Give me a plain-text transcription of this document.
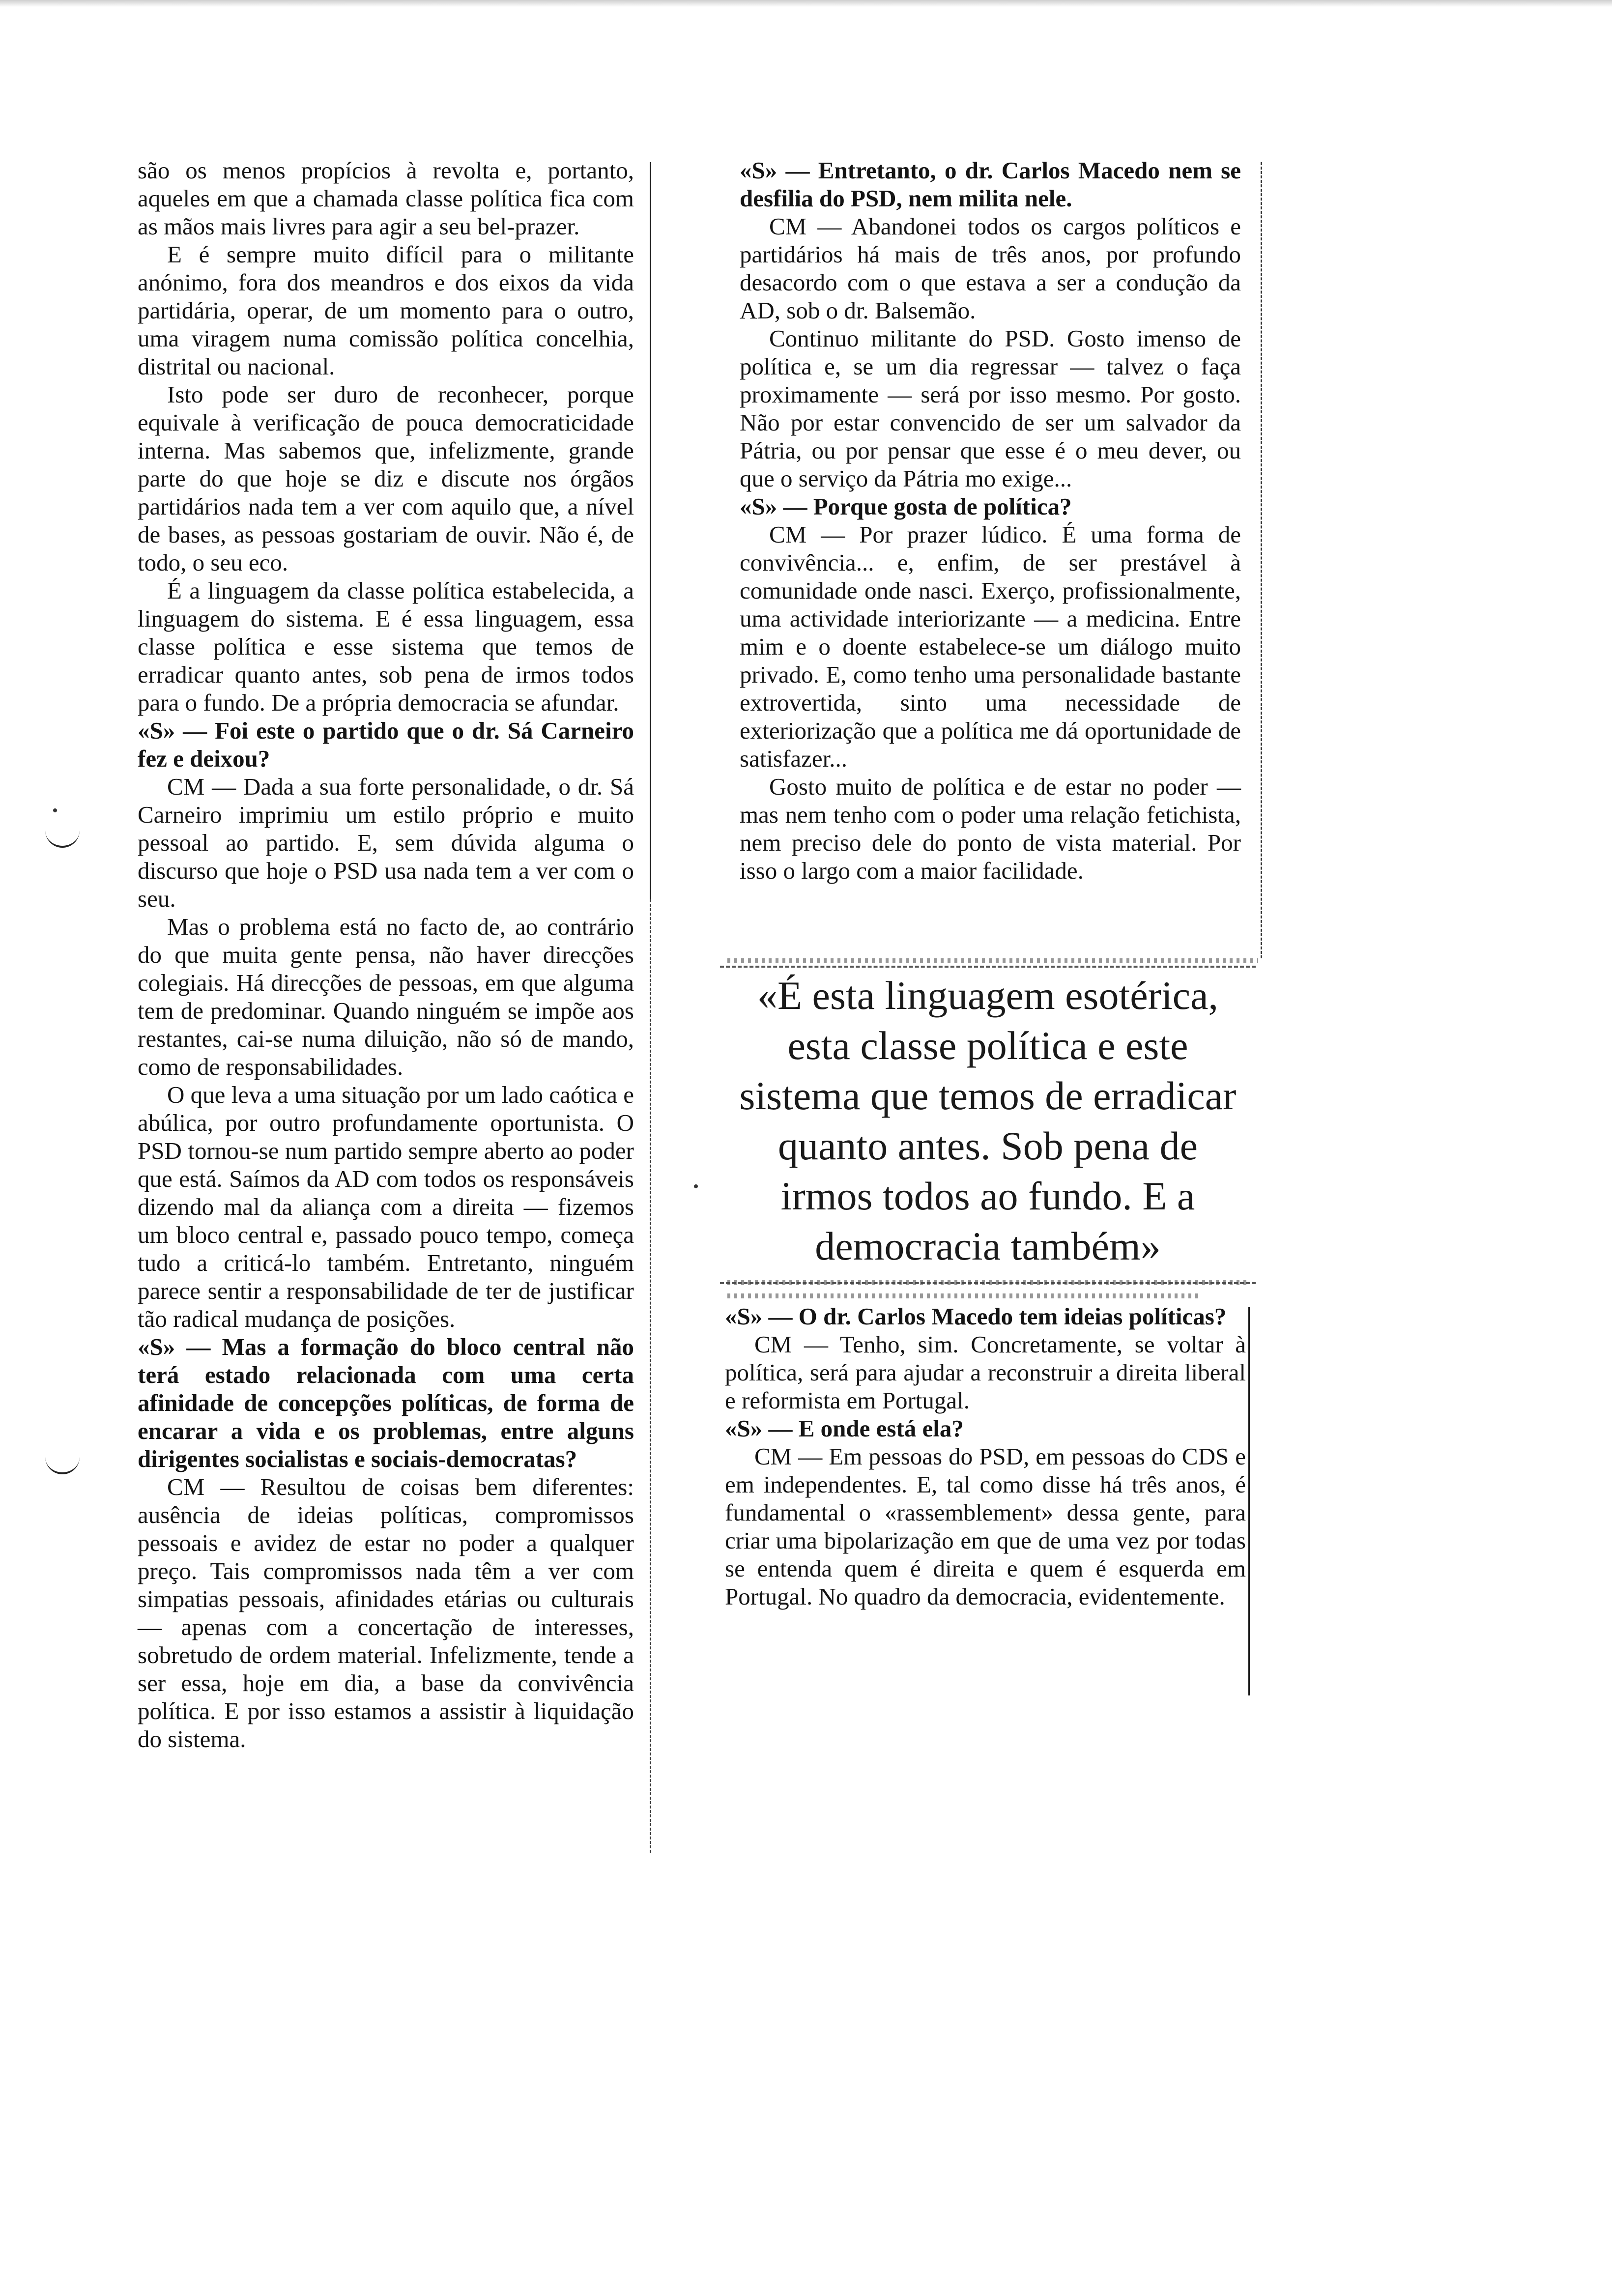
são os menos propícios à revolta e, portanto, aqueles em que a chamada classe política fica com as mãos mais livres para agir a seu bel-prazer.

E é sempre muito difícil para o militante anónimo, fora dos meandros e dos eixos da vida partidária, operar, de um momento para o outro, uma viragem numa comissão política concelhia, distrital ou nacional.

Isto pode ser duro de reconhecer, porque equivale à verificação de pouca democraticidade interna. Mas sabemos que, infelizmente, grande parte do que hoje se diz e discute nos órgãos partidários nada tem a ver com aquilo que, a nível de bases, as pessoas gostariam de ouvir. Não é, de todo, o seu eco.

É a linguagem da classe política estabelecida, a linguagem do sistema. E é essa linguagem, essa classe política e esse sistema que temos de erradicar quanto antes, sob pena de irmos todos para o fundo. De a própria democracia se afundar.

«S» — Foi este o partido que o dr. Sá Carneiro fez e deixou?

CM — Dada a sua forte personalidade, o dr. Sá Carneiro imprimiu um estilo próprio e muito pessoal ao partido. E, sem dúvida alguma o discurso que hoje o PSD usa nada tem a ver com o seu.

Mas o problema está no facto de, ao contrário do que muita gente pensa, não haver direcções colegiais. Há direcções de pessoas, em que alguma tem de predominar. Quando ninguém se impõe aos restantes, cai-se numa diluição, não só de mando, como de responsabilidades.

O que leva a uma situação por um lado caótica e abúlica, por outro profundamente oportunista. O PSD tornou-se num partido sempre aberto ao poder que está. Saímos da AD com todos os responsáveis dizendo mal da aliança com a direita — fizemos um bloco central e, passado pouco tempo, começa tudo a criticá-lo também. Entretanto, ninguém parece sentir a responsabilidade de ter de justificar tão radical mudança de posições.

«S» — Mas a formação do bloco central não terá estado relacionada com uma certa afinidade de concepções políticas, de forma de encarar a vida e os problemas, entre alguns dirigentes socialistas e sociais-democratas?

CM — Resultou de coisas bem diferentes: ausência de ideias políticas, compromissos pessoais e avidez de estar no poder a qualquer preço. Tais compromissos nada têm a ver com simpatias pessoais, afinidades etárias ou culturais — apenas com a concertação de interesses, sobretudo de ordem material. Infelizmente, tende a ser essa, hoje em dia, a base da convivência política. E por isso estamos a assistir à liquidação do sistema.

«S» — Entretanto, o dr. Carlos Macedo nem se desfilia do PSD, nem milita nele.

CM — Abandonei todos os cargos políticos e partidários há mais de três anos, por profundo desacordo com o que estava a ser a condução da AD, sob o dr. Balsemão.

Continuo militante do PSD. Gosto imenso de política e, se um dia regressar — talvez o faça proximamente — será por isso mesmo. Por gosto. Não por estar convencido de ser um salvador da Pátria, ou por pensar que esse é o meu dever, ou que o serviço da Pátria mo exige...

«S» — Porque gosta de política?

CM — Por prazer lúdico. É uma forma de convivência... e, enfim, de ser prestável à comunidade onde nasci. Exerço, profissionalmente, uma actividade interiorizante — a medicina. Entre mim e o doente estabelece-se um diálogo muito privado. E, como tenho uma personalidade bastante extrovertida, sinto uma necessidade de exteriorização que a política me dá oportunidade de satisfazer...

Gosto muito de política e de estar no poder — mas nem tenho com o poder uma relação fetichista, nem preciso dele do ponto de vista material. Por isso o largo com a maior facilidade.

«É esta linguagem esotérica, esta classe política e este sistema que temos de erradicar quanto antes. Sob pena de irmos todos ao fundo. E a democracia também»

«S» — O dr. Carlos Macedo tem ideias políticas?

CM — Tenho, sim. Concretamente, se voltar à política, será para ajudar a reconstruir a direita liberal e reformista em Portugal.

«S» — E onde está ela?

CM — Em pessoas do PSD, em pessoas do CDS e em independentes. E, tal como disse há três anos, é fundamental o «rassemblement» dessa gente, para criar uma bipolarização em que de uma vez por todas se entenda quem é direita e quem é esquerda em Portugal. No quadro da democracia, evidentemente.
